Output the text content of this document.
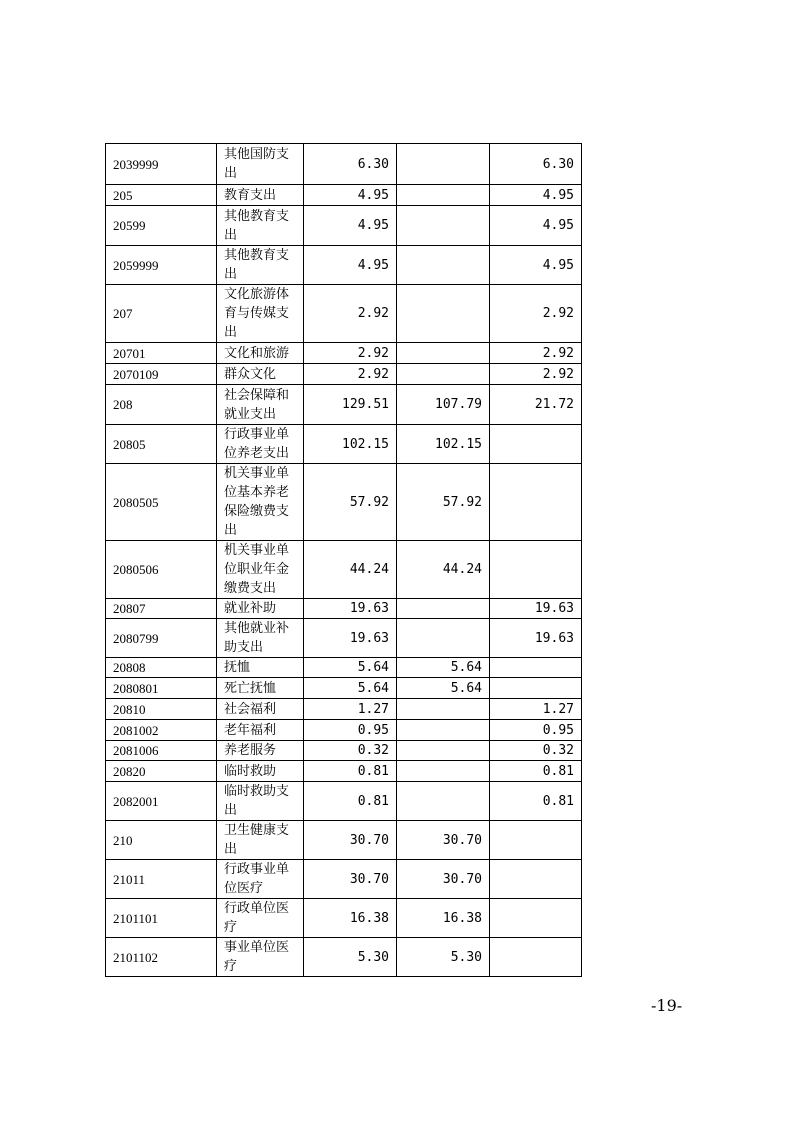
2039999	其他国防支出	6.30		6.30
205	教育支出	4.95		4.95
20599	其他教育支出	4.95		4.95
2059999	其他教育支出	4.95		4.95
207	文化旅游体育与传媒支出	2.92		2.92
20701	文化和旅游	2.92		2.92
2070109	群众文化	2.92		2.92
208	社会保障和就业支出	129.51	107.79	21.72
20805	行政事业单位养老支出	102.15	102.15	
2080505	机关事业单位基本养老保险缴费支出	57.92	57.92	
2080506	机关事业单位职业年金缴费支出	44.24	44.24	
20807	就业补助	19.63		19.63
2080799	其他就业补助支出	19.63		19.63
20808	抚恤	5.64	5.64	
2080801	死亡抚恤	5.64	5.64	
20810	社会福利	1.27		1.27
2081002	老年福利	0.95		0.95
2081006	养老服务	0.32		0.32
20820	临时救助	0.81		0.81
2082001	临时救助支出	0.81		0.81
210	卫生健康支出	30.70	30.70	
21011	行政事业单位医疗	30.70	30.70	
2101101	行政单位医疗	16.38	16.38	
2101102	事业单位医疗	5.30	5.30	
-19-
